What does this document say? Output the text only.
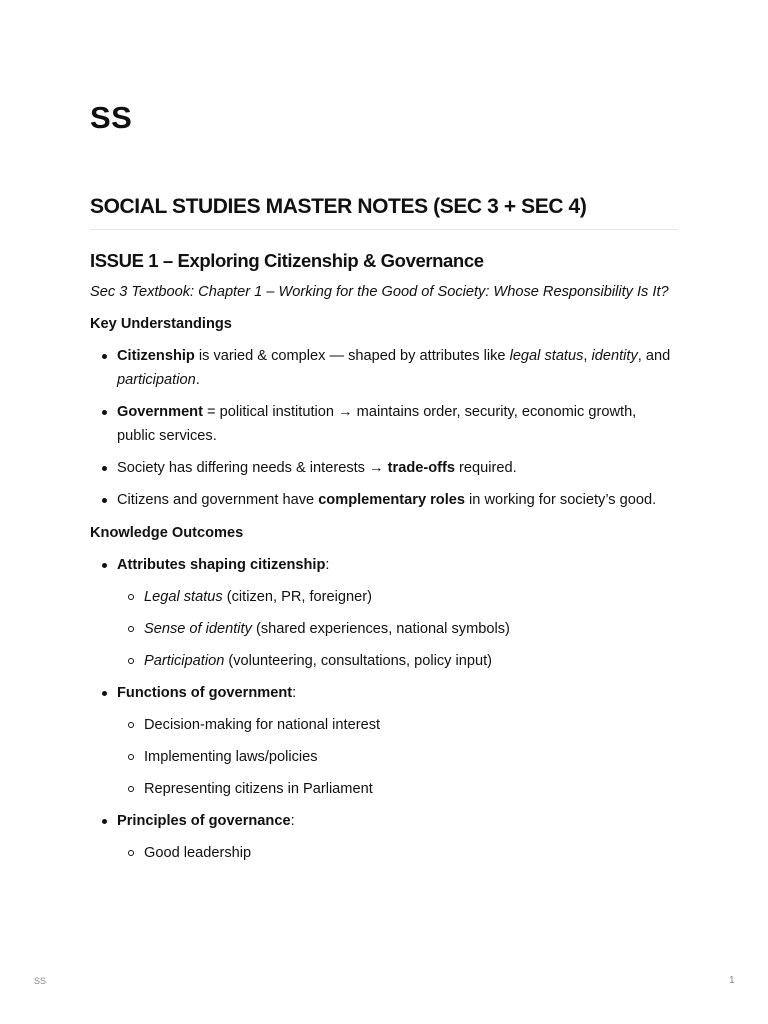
SS
SOCIAL STUDIES MASTER NOTES (SEC 3 + SEC 4)
ISSUE 1 – Exploring Citizenship & Governance

Sec 3 Textbook: Chapter 1 – Working for the Good of Society: Whose Responsibility Is It?

Key Understandings

Citizenship is varied & complex — shaped by attributes like legal status, identity, and participation.
Government = political institution → maintains order, security, economic growth, public services.
Society has differing needs & interests → trade-offs required.
Citizens and government have complementary roles in working for society’s good.

Knowledge Outcomes

Attributes shaping citizenship:
Legal status (citizen, PR, foreigner)
Sense of identity (shared experiences, national symbols)
Participation (volunteering, consultations, policy input)
Functions of government:
Decision-making for national interest
Implementing laws/policies
Representing citizens in Parliament
Principles of governance:
Good leadership
SS	1
